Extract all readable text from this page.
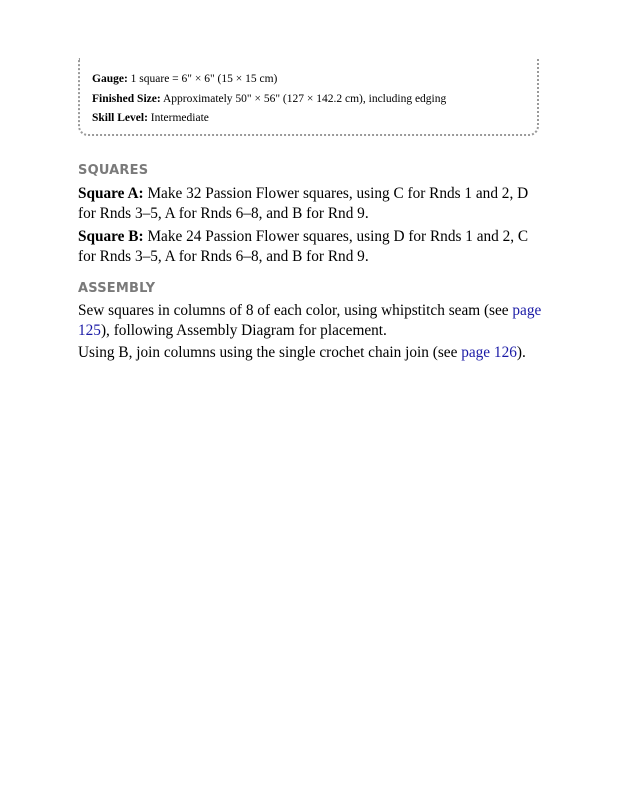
Gauge: 1 square = 6" × 6" (15 × 15 cm)
Finished Size: Approximately 50" × 56" (127 × 142.2 cm), including edging
Skill Level: Intermediate
SQUARES
Square A: Make 32 Passion Flower squares, using C for Rnds 1 and 2, D for Rnds 3–5, A for Rnds 6–8, and B for Rnd 9.
Square B: Make 24 Passion Flower squares, using D for Rnds 1 and 2, C for Rnds 3–5, A for Rnds 6–8, and B for Rnd 9.
ASSEMBLY
Sew squares in columns of 8 of each color, using whipstitch seam (see page 125), following Assembly Diagram for placement.
Using B, join columns using the single crochet chain join (see page 126).
